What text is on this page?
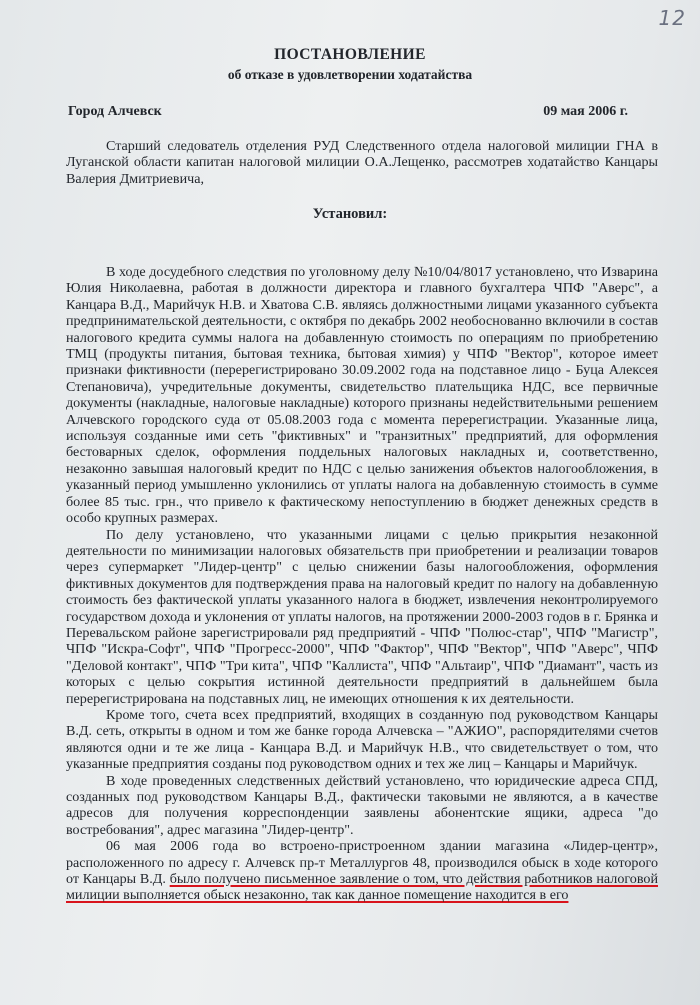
12

ПОСТАНОВЛЕНИЕ

об отказе в удовлетворении ходатайства

Город Алчевск	09 мая 2006 г.

Старший следователь отделения РУД Следственного отдела налоговой милиции ГНА в Луганской области капитан налоговой милиции О.А.Лещенко, рассмотрев ходатайство Канцары Валерия Дмитриевича,

Установил:

В ходе досудебного следствия по уголовному делу №10/04/8017 установлено, что Изварина Юлия Николаевна, работая в должности директора и главного бухгалтера ЧПФ "Аверс", а Канцара В.Д., Марийчук Н.В. и Хватова С.В. являясь должностными лицами указанного субъекта предпринимательской деятельности, с октября по декабрь 2002 необоснованно включили в состав налогового кредита суммы налога на добавленную стоимость по операциям по приобретению ТМЦ (продукты питания, бытовая техника, бытовая химия) у ЧПФ "Вектор", которое имеет признаки фиктивности (перерегистрировано 30.09.2002 года на подставное лицо - Буца Алексея Степановича), учредительные документы, свидетельство плательщика НДС, все первичные документы (накладные, налоговые накладные) которого признаны недействительными решением Алчевского городского суда от 05.08.2003 года с момента перерегистрации. Указанные лица, используя созданные ими сеть "фиктивных" и "транзитных" предприятий, для оформления бестоварных сделок, оформления поддельных налоговых накладных и, соответственно, незаконно завышая налоговый кредит по НДС с целью занижения объектов налогообложения, в указанный период умышленно уклонились от уплаты налога на добавленную стоимость в сумме более 85 тыс. грн., что привело к фактическому непоступлению в бюджет денежных средств в особо крупных размерах.

По делу установлено, что указанными лицами с целью прикрытия незаконной деятельности по минимизации налоговых обязательств при приобретении и реализации товаров через супермаркет "Лидер-центр" с целью снижении базы налогообложения, оформления фиктивных документов для подтверждения права на налоговый кредит по налогу на добавленную стоимость без фактической уплаты указанного налога в бюджет, извлечения неконтролируемого государством дохода и уклонения от уплаты налогов, на протяжении 2000-2003 годов в г. Брянка и Перевальском районе зарегистрировали ряд предприятий - ЧПФ "Полюс-стар", ЧПФ "Магистр", ЧПФ "Искра-Софт", ЧПФ "Прогресс-2000", ЧПФ "Фактор", ЧПФ "Вектор", ЧПФ "Аверс", ЧПФ "Деловой контакт", ЧПФ "Три кита", ЧПФ "Каллиста", ЧПФ "Альтаир", ЧПФ "Диамант", часть из которых с целью сокрытия истинной деятельности предприятий в дальнейшем была перерегистрирована на подставных лиц, не имеющих отношения к их деятельности.

Кроме того, счета всех предприятий, входящих в созданную под руководством Канцары В.Д. сеть, открыты в одном и том же банке города Алчевска – "АЖИО", распорядителями счетов являются одни и те же лица - Канцара В.Д. и Марийчук Н.В., что свидетельствует о том, что указанные предприятия созданы под руководством одних и тех же лиц – Канцары и Марийчук.

В ходе проведенных следственных действий установлено, что юридические адреса СПД, созданных под руководством Канцары В.Д., фактически таковыми не являются, а в качестве адресов для получения корреспонденции заявлены абонентские ящики, адреса "до востребования", адрес магазина "Лидер-центр".

06 мая 2006 года во встроено-пристроенном здании магазина «Лидер-центр», расположенного по адресу г. Алчевск пр-т Металлургов 48, производился обыск в ходе которого от Канцары В.Д. было получено письменное заявление о том, что действия работников налоговой милиции выполняется обыск незаконно, так как данное помещение находится в его
